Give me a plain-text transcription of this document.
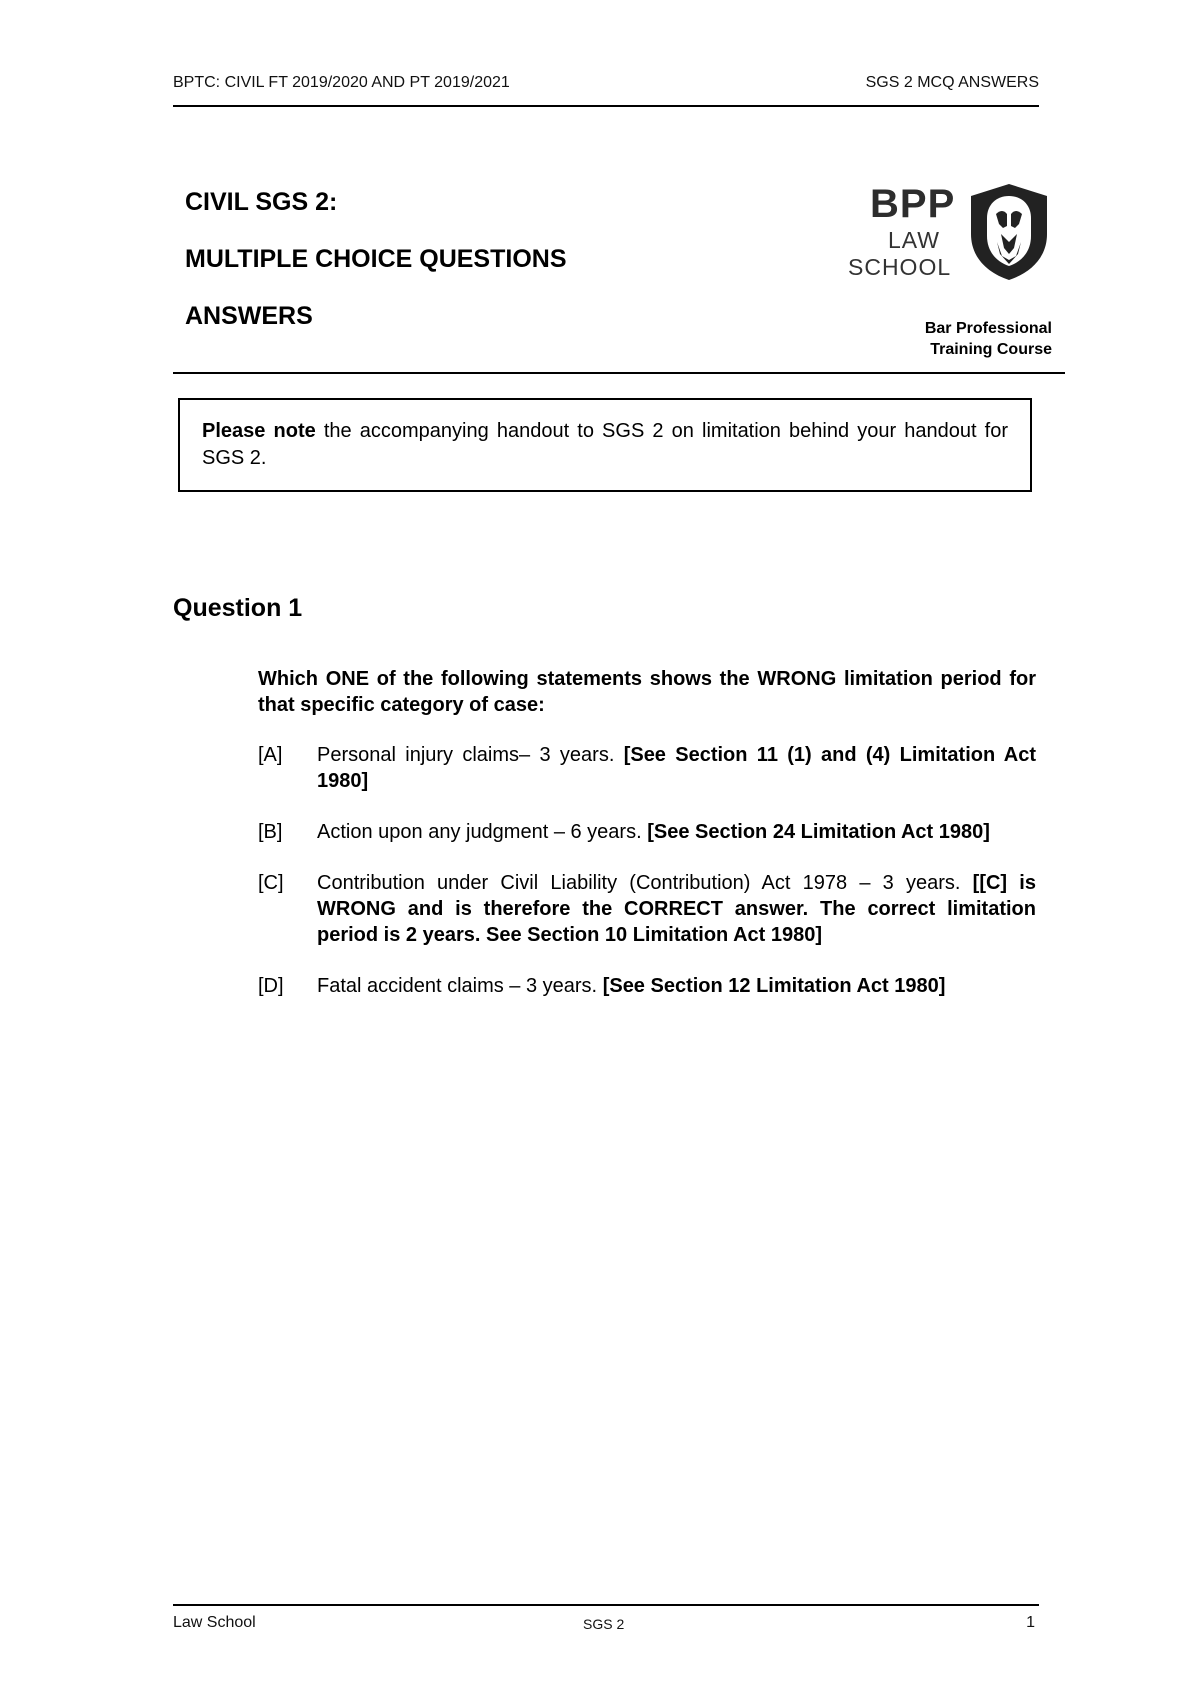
BPTC: CIVIL FT 2019/2020 AND PT 2019/2021	SGS 2 MCQ ANSWERS
CIVIL SGS 2:
MULTIPLE CHOICE QUESTIONS
ANSWERS
BPP
LAW
SCHOOL
Bar Professional
Training Course
Please note the accompanying handout to SGS 2 on limitation behind your handout for SGS 2.
Question 1
Which ONE of the following statements shows the WRONG limitation period for that specific category of case:
[A]	Personal injury claims– 3 years. [See Section 11 (1) and (4) Limitation Act 1980]
[B]	Action upon any judgment – 6 years. [See Section 24 Limitation Act 1980]
[C]	Contribution under Civil Liability (Contribution) Act 1978 – 3 years. [[C] is WRONG and is therefore the CORRECT answer. The correct limitation period is 2 years. See Section 10 Limitation Act 1980]
[D]	Fatal accident claims – 3 years. [See Section 12 Limitation Act 1980]
Law School	SGS 2	1
